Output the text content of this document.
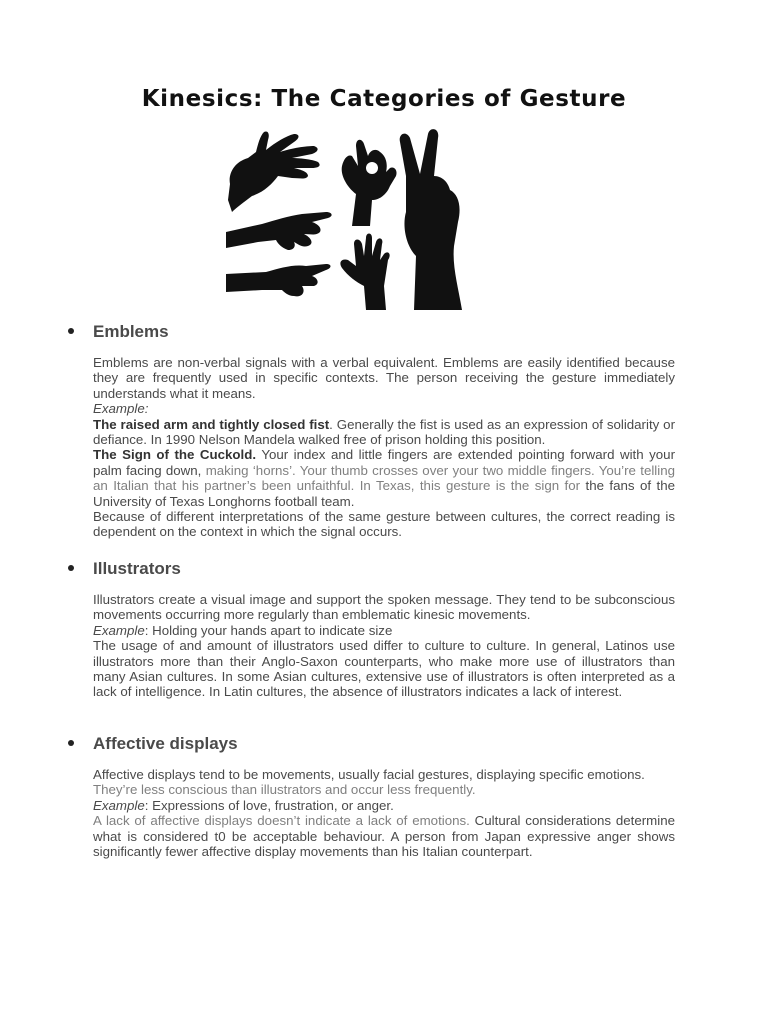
Kinesics: The Categories of Gesture
Emblems

Emblems are non-verbal signals with a verbal equivalent. Emblems are easily identified because they are frequently used in specific contexts. The person receiving the gesture immediately understands what it means.

Example:

The raised arm and tightly closed fist. Generally the fist is used as an expression of solidarity or defiance. In 1990 Nelson Mandela walked free of prison holding this position.

The Sign of the Cuckold. Your index and little fingers are extended pointing forward with your palm facing down, making ‘horns’. Your thumb crosses over your two middle fingers. You’re telling an Italian that his partner’s been unfaithful. In Texas, this gesture is the sign for the fans of the University of Texas Longhorns football team.

Because of different interpretations of the same gesture between cultures, the correct reading is dependent on the context in which the signal occurs.

Illustrators

Illustrators create a visual image and support the spoken message. They tend to be subconscious movements occurring more regularly than emblematic kinesic movements.

Example: Holding your hands apart to indicate size

The usage of and amount of illustrators used differ to culture to culture. In general, Latinos use illustrators more than their Anglo-Saxon counterparts, who make more use of illustrators than many Asian cultures. In some Asian cultures, extensive use of illustrators is often interpreted as a lack of intelligence. In Latin cultures, the absence of illustrators indicates a lack of interest.

Affective displays

Affective displays tend to be movements, usually facial gestures, displaying specific emotions.

They’re less conscious than illustrators and occur less frequently.

Example: Expressions of love, frustration, or anger.

A lack of affective displays doesn’t indicate a lack of emotions. Cultural considerations determine what is considered t0 be acceptable behaviour. A person from Japan expressive anger shows significantly fewer affective display movements than his Italian counterpart.
